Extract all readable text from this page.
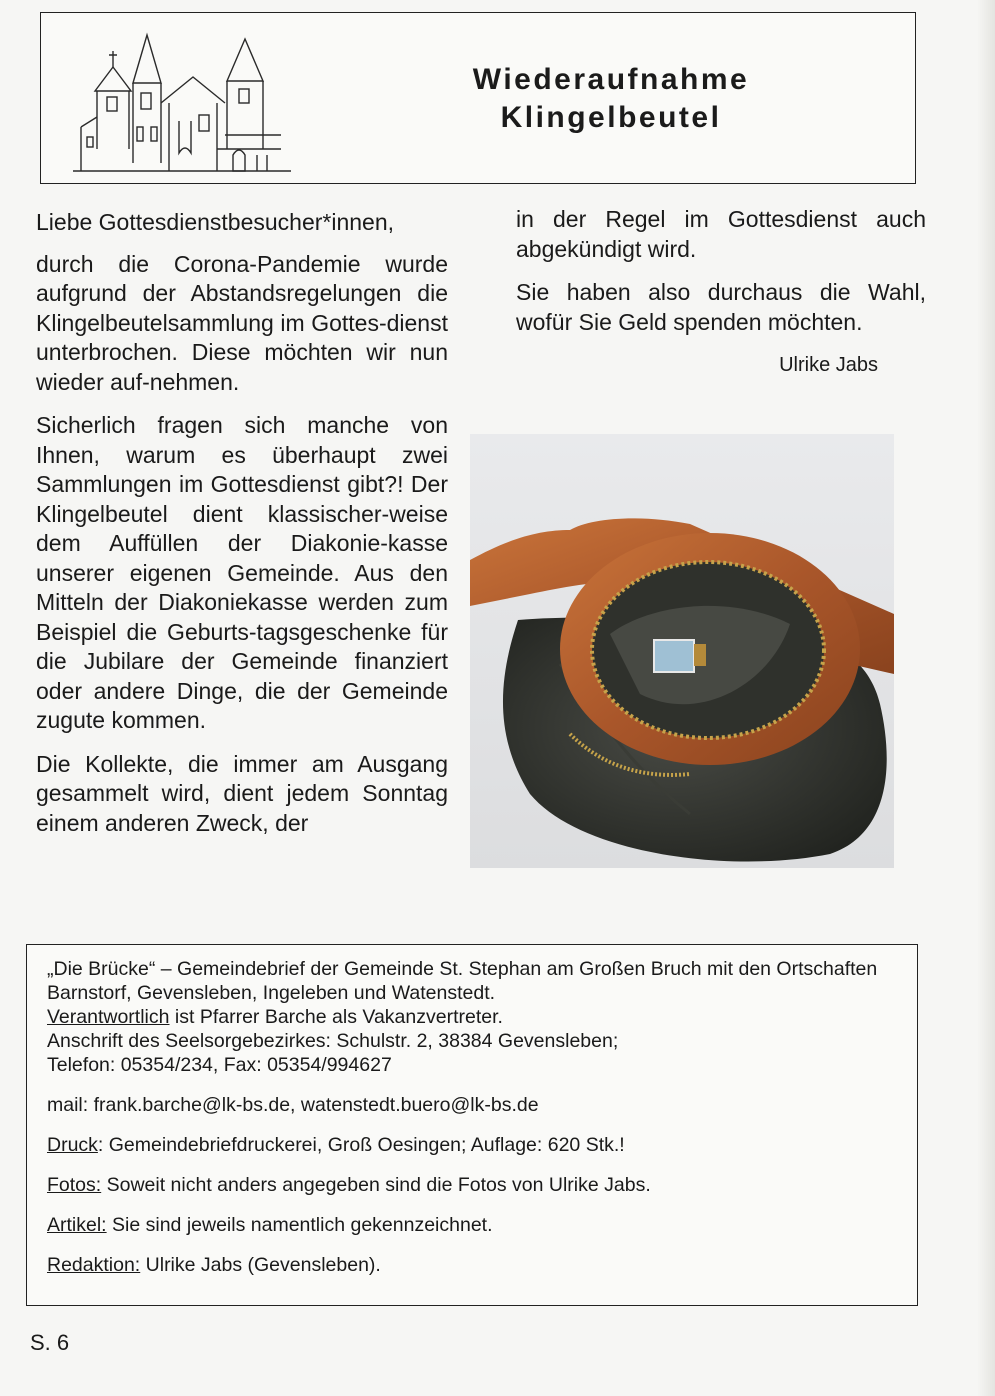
Wiederaufnahme
Klingelbeutel

Liebe Gottesdienstbesucher*innen,

durch die Corona-Pandemie wurde aufgrund der Abstandsregelungen die Klingelbeutelsammlung im Gottes-dienst unterbrochen. Diese möchten wir nun wieder auf-nehmen.

Sicherlich fragen sich manche von Ihnen, warum es überhaupt zwei Sammlungen im Gottesdienst gibt?! Der Klingelbeutel dient klassischer-weise dem Auffüllen der Diakonie-kasse unserer eigenen Gemeinde. Aus den Mitteln der Diakoniekasse werden zum Beispiel die Geburts-tagsgeschenke für die Jubilare der Gemeinde finanziert oder andere Dinge, die der Gemeinde zugute kommen.

Die Kollekte, die immer am Ausgang gesammelt wird, dient jedem Sonntag einem anderen Zweck, der

in der Regel im Gottesdienst auch abgekündigt wird.

Sie haben also durchaus die Wahl, wofür Sie Geld spenden möchten.

Ulrike Jabs

„Die Brücke“ – Gemeindebrief der Gemeinde St. Stephan am Großen Bruch mit den Ortschaften Barnstorf, Gevensleben, Ingeleben und Watenstedt.

Verantwortlich ist Pfarrer Barche als Vakanzvertreter.

Anschrift des Seelsorgebezirkes: Schulstr. 2, 38384 Gevensleben;

Telefon: 05354/234, Fax: 05354/994627

mail: frank.barche@lk-bs.de, watenstedt.buero@lk-bs.de

Druck: Gemeindebriefdruckerei, Groß Oesingen; Auflage: 620 Stk.!

Fotos: Soweit nicht anders angegeben sind die Fotos von Ulrike Jabs.

Artikel: Sie sind jeweils namentlich gekennzeichnet.

Redaktion: Ulrike Jabs (Gevensleben).

S. 6
